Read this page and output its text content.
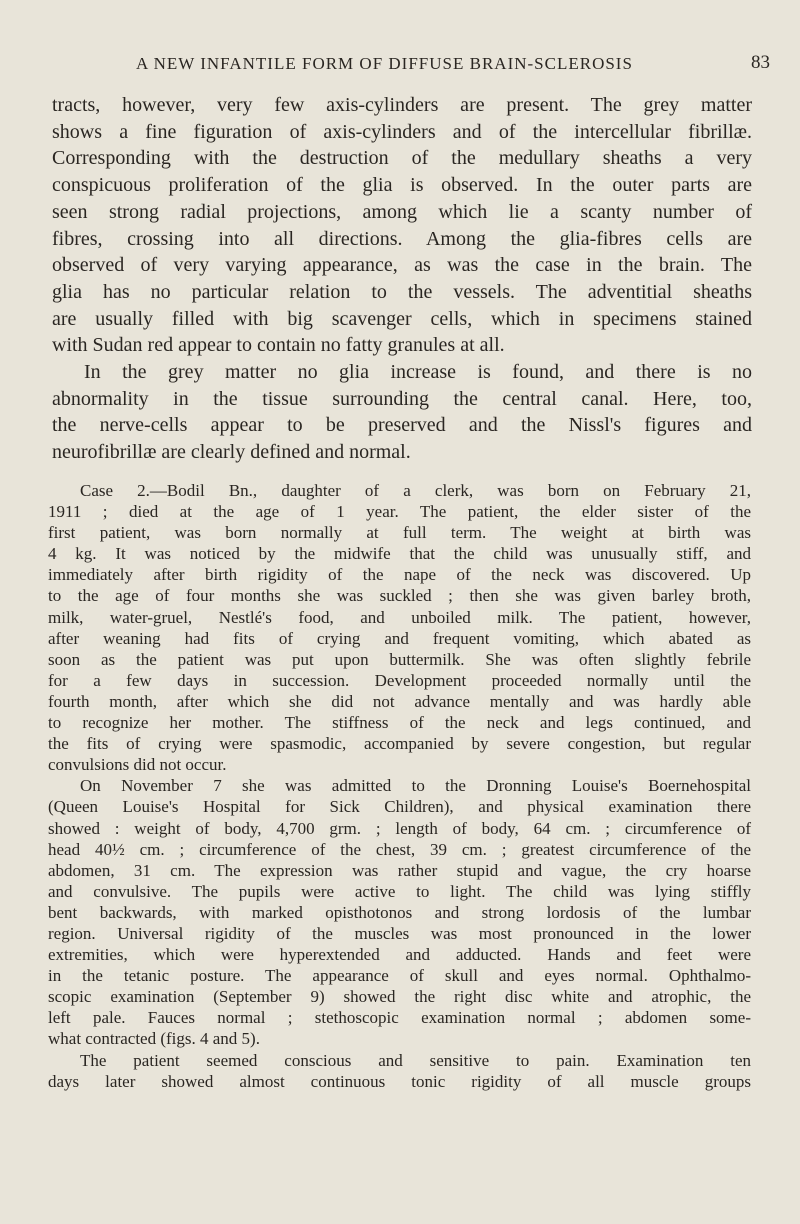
A NEW INFANTILE FORM OF DIFFUSE BRAIN-SCLEROSIS	83
tracts, however, very few axis-cylinders are present. The grey matter
shows a fine figuration of axis-cylinders and of the intercellular fibrillæ.
Corresponding with the destruction of the medullary sheaths a very
conspicuous proliferation of the glia is observed. In the outer parts are
seen strong radial projections, among which lie a scanty number of
fibres, crossing into all directions. Among the glia-fibres cells are
observed of very varying appearance, as was the case in the brain. The
glia has no particular relation to the vessels. The adventitial sheaths
are usually filled with big scavenger cells, which in specimens stained
with Sudan red appear to contain no fatty granules at all.
In the grey matter no glia increase is found, and there is no
abnormality in the tissue surrounding the central canal. Here, too,
the nerve-cells appear to be preserved and the Nissl's figures and
neurofibrillæ are clearly defined and normal.
Case 2.—Bodil Bn., daughter of a clerk, was born on February 21,
1911 ; died at the age of 1 year. The patient, the elder sister of the
first patient, was born normally at full term. The weight at birth was
4 kg. It was noticed by the midwife that the child was unusually stiff, and
immediately after birth rigidity of the nape of the neck was discovered. Up
to the age of four months she was suckled ; then she was given barley broth,
milk, water-gruel, Nestlé's food, and unboiled milk. The patient, however,
after weaning had fits of crying and frequent vomiting, which abated as
soon as the patient was put upon buttermilk. She was often slightly febrile
for a few days in succession. Development proceeded normally until the
fourth month, after which she did not advance mentally and was hardly able
to recognize her mother. The stiffness of the neck and legs continued, and
the fits of crying were spasmodic, accompanied by severe congestion, but regular
convulsions did not occur.
On November 7 she was admitted to the Dronning Louise's Boernehospital
(Queen Louise's Hospital for Sick Children), and physical examination there
showed : weight of body, 4,700 grm. ; length of body, 64 cm. ; circumference of
head 40½ cm. ; circumference of the chest, 39 cm. ; greatest circumference of the
abdomen, 31 cm. The expression was rather stupid and vague, the cry hoarse
and convulsive. The pupils were active to light. The child was lying stiffly
bent backwards, with marked opisthotonos and strong lordosis of the lumbar
region. Universal rigidity of the muscles was most pronounced in the lower
extremities, which were hyperextended and adducted. Hands and feet were
in the tetanic posture. The appearance of skull and eyes normal. Ophthalmo-
scopic examination (September 9) showed the right disc white and atrophic, the
left pale. Fauces normal ; stethoscopic examination normal ; abdomen some-
what contracted (figs. 4 and 5).
The patient seemed conscious and sensitive to pain. Examination ten
days later showed almost continuous tonic rigidity of all muscle groups
